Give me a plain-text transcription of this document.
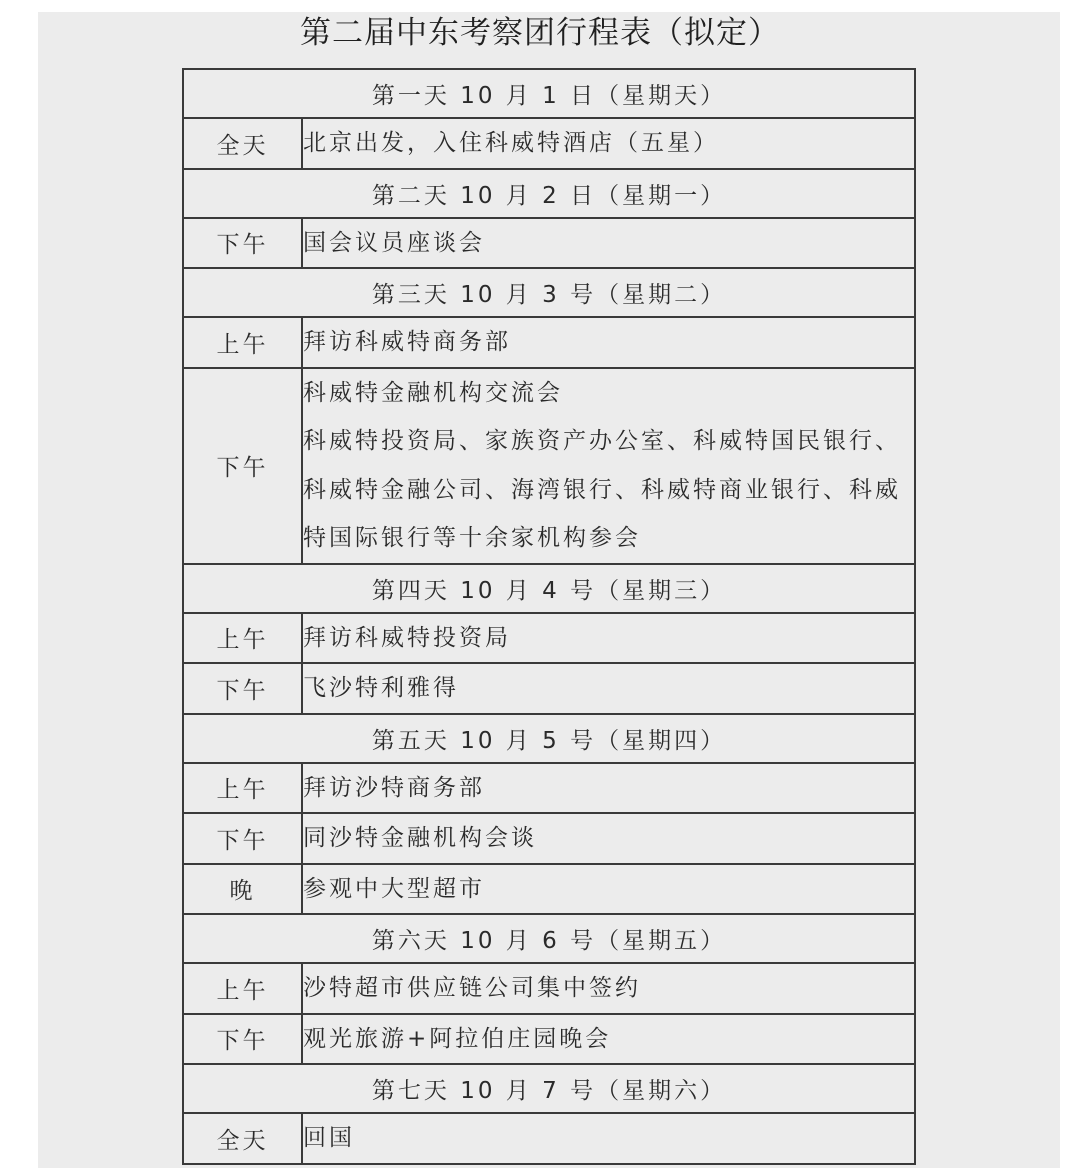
第二届中东考察团行程表（拟定）
第一天 10 月 1 日（星期天）	
全天	北京出发，入住科威特酒店（五星）

第二天 10 月 2 日（星期一）	
下午	国会议员座谈会

第三天 10 月 3 号（星期二）	
上午	拜访科威特商务部

下午	科威特金融机构交流会
科威特投资局、家族资产办公室、科威特国民银行、
科威特金融公司、海湾银行、科威特商业银行、科威
特国际银行等十余家机构参会

第四天 10 月 4 号（星期三）	
上午	拜访科威特投资局

下午	飞沙特利雅得

第五天 10 月 5 号（星期四）	
上午	拜访沙特商务部

下午	同沙特金融机构会谈

晚	参观中大型超市

第六天 10 月 6 号（星期五）	
上午	沙特超市供应链公司集中签约

下午	观光旅游+阿拉伯庄园晚会

第七天 10 月 7 号（星期六）	
全天	回国
